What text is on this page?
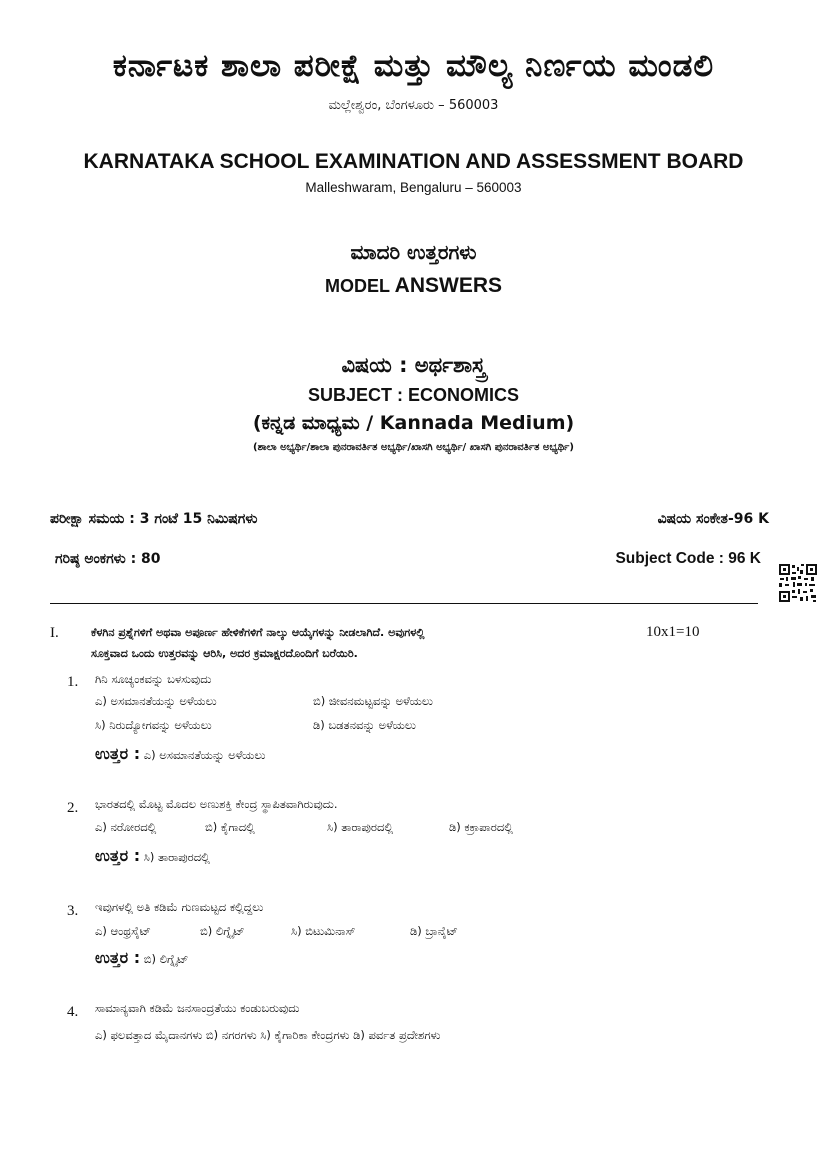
ಕರ್ನಾಟಕ ಶಾಲಾ ಪರೀಕ್ಷೆ ಮತ್ತು ಮೌಲ್ಯ ನಿರ್ಣಯ ಮಂಡಲಿ
ಮಲ್ಲೇಶ್ವರಂ, ಬೆಂಗಳೂರು – 560003
KARNATAKA SCHOOL EXAMINATION AND ASSESSMENT BOARD
Malleshwaram, Bengaluru – 560003
ಮಾದರಿ ಉತ್ತರಗಳು
MODEL ANSWERS
ವಿಷಯ : ಅರ್ಥಶಾಸ್ತ್ರ
SUBJECT : ECONOMICS
(ಕನ್ನಡ ಮಾಧ್ಯಮ / Kannada Medium)
(ಶಾಲಾ ಅಭ್ಯರ್ಥಿ/ಶಾಲಾ ಪುನರಾವರ್ತಿತ ಅಭ್ಯರ್ಥಿ/ಖಾಸಗಿ ಅಭ್ಯರ್ಥಿ/ ಖಾಸಗಿ ಪುನರಾವರ್ತಿತ ಅಭ್ಯರ್ಥಿ)
ಪರೀಕ್ಷಾ ಸಮಯ : 3 ಗಂಟೆ 15 ನಿಮಿಷಗಳು	ವಿಷಯ ಸಂಕೇತ-96 K
ಗರಿಷ್ಠ ಅಂಕಗಳು : 80	Subject Code : 96 K
I.	ಕೆಳಗಿನ ಪ್ರಶ್ನೆಗಳಿಗೆ ಅಥವಾ ಅಪೂರ್ಣ ಹೇಳಿಕೆಗಳಿಗೆ ನಾಲ್ಕು ಆಯ್ಕೆಗಳನ್ನು ನೀಡಲಾಗಿದೆ. ಅವುಗಳಲ್ಲಿ
ಸೂಕ್ತವಾದ ಒಂದು ಉತ್ತರವನ್ನು ಆರಿಸಿ, ಅದರ ಕ್ರಮಾಕ್ಷರದೊಂದಿಗೆ ಬರೆಯಿರಿ.
10x1=10
1. ಗಿನಿ ಸೂಚ್ಯಂಕವನ್ನು ಬಳಸುವುದು
ಎ) ಅಸಮಾನತೆಯನ್ನು ಅಳೆಯಲು	ಬಿ) ಜೀವನಮಟ್ಟವನ್ನು ಅಳೆಯಲು
ಸಿ) ನಿರುದ್ಯೋಗವನ್ನು ಅಳೆಯಲು	ಡಿ) ಬಡತನವನ್ನು ಅಳೆಯಲು
ಉತ್ತರ : ಎ) ಅಸಮಾನತೆಯನ್ನು ಅಳೆಯಲು
2. ಭಾರತದಲ್ಲಿ ಮೊಟ್ಟ ಮೊದಲ ಅಣುಶಕ್ತಿ ಕೇಂದ್ರ ಸ್ಥಾಪಿತವಾಗಿರುವುದು.
ಎ) ನರೋರದಲ್ಲಿ	ಬಿ) ಕೈಗಾದಲ್ಲಿ	ಸಿ) ತಾರಾಪುರದಲ್ಲಿ	ಡಿ) ಕಕ್ರಾಪಾರದಲ್ಲಿ
ಉತ್ತರ : ಸಿ) ತಾರಾಪುರದಲ್ಲಿ
3. ಇವುಗಳಲ್ಲಿ ಅತಿ ಕಡಿಮೆ ಗುಣಮಟ್ಟದ ಕಲ್ಲಿದ್ದಲು
ಎ) ಆಂಥ್ರಸೈಟ್	ಬಿ) ಲಿಗ್ನೈಟ್	ಸಿ) ಬಿಟುಮಿನಾಸ್	ಡಿ) ಬ್ರಾನೈಟ್
ಉತ್ತರ : ಬಿ) ಲಿಗ್ನೈಟ್
4. ಸಾಮಾನ್ಯವಾಗಿ ಕಡಿಮೆ ಜನಸಾಂದ್ರತೆಯು ಕಂಡುಬರುವುದು
ಎ) ಫಲವತ್ತಾದ ಮೈದಾನಗಳು ಬಿ) ನಗರಗಳು ಸಿ) ಕೈಗಾರಿಕಾ ಕೇಂದ್ರಗಳು ಡಿ) ಪರ್ವತ ಪ್ರದೇಶಗಳು
